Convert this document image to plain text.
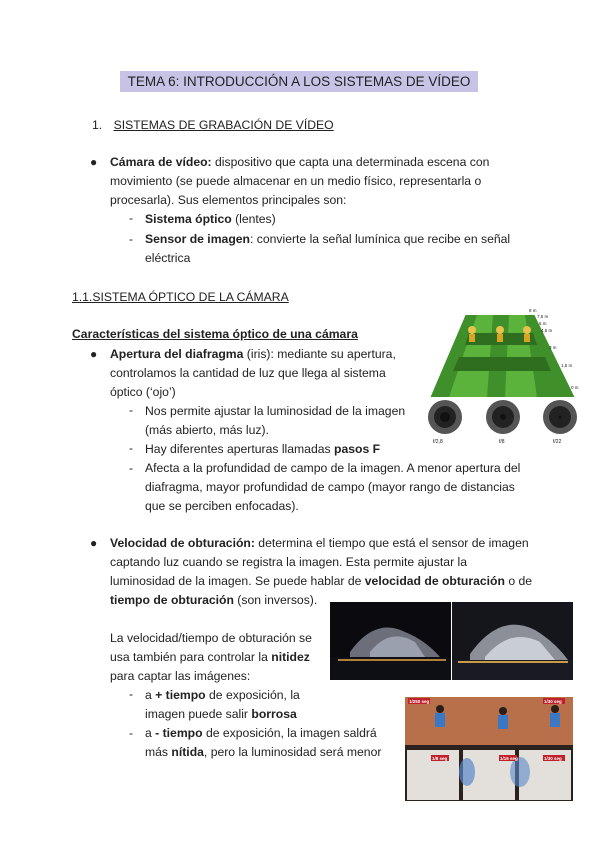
TEMA 6: INTRODUCCIÓN A LOS SISTEMAS DE VÍDEO
1. SISTEMAS DE GRABACIÓN DE VÍDEO
● Cámara de vídeo: dispositivo que capta una determinada escena con
movimiento (se puede almacenar en un medio físico, representarla o
procesarla). Sus elementos principales son:
- Sistema óptico (lentes)
- Sensor de imagen: convierte la señal lumínica que recibe en señal
eléctrica
1.1.SISTEMA ÓPTICO DE LA CÁMARA
Características del sistema óptico de una cámara
● Apertura del diafragma (iris): mediante su apertura,
controlamos la cantidad de luz que llega al sistema
óptico (‘ojo’)
- Nos permite ajustar la luminosidad de la imagen
(más abierto, más luz).
- Hay diferentes aperturas llamadas pasos F
- Afecta a la profundidad de campo de la imagen. A menor apertura del
diafragma, mayor profundidad de campo (mayor rango de distancias
que se perciben enfocadas).
● Velocidad de obturación: determina el tiempo que está el sensor de imagen
captando luz cuando se registra la imagen. Esta permite ajustar la
luminosidad de la imagen. Se puede hablar de velocidad de obturación o de
tiempo de obturación (son inversos).
La velocidad/tiempo de obturación se
usa también para controlar la nitidez
para captar las imágenes:
- a + tiempo de exposición, la
imagen puede salir borrosa
- a - tiempo de exposición, la imagen saldrá
más nítida, pero la luminosidad será menor
8 m
7,5 m
6 m
4,5 m
3 m
1,5 m
0 m
f/2,8	f/8	f/22
1/250 seg	1/30 seg
1/8 seg	1/15 seg	1/30 seg
